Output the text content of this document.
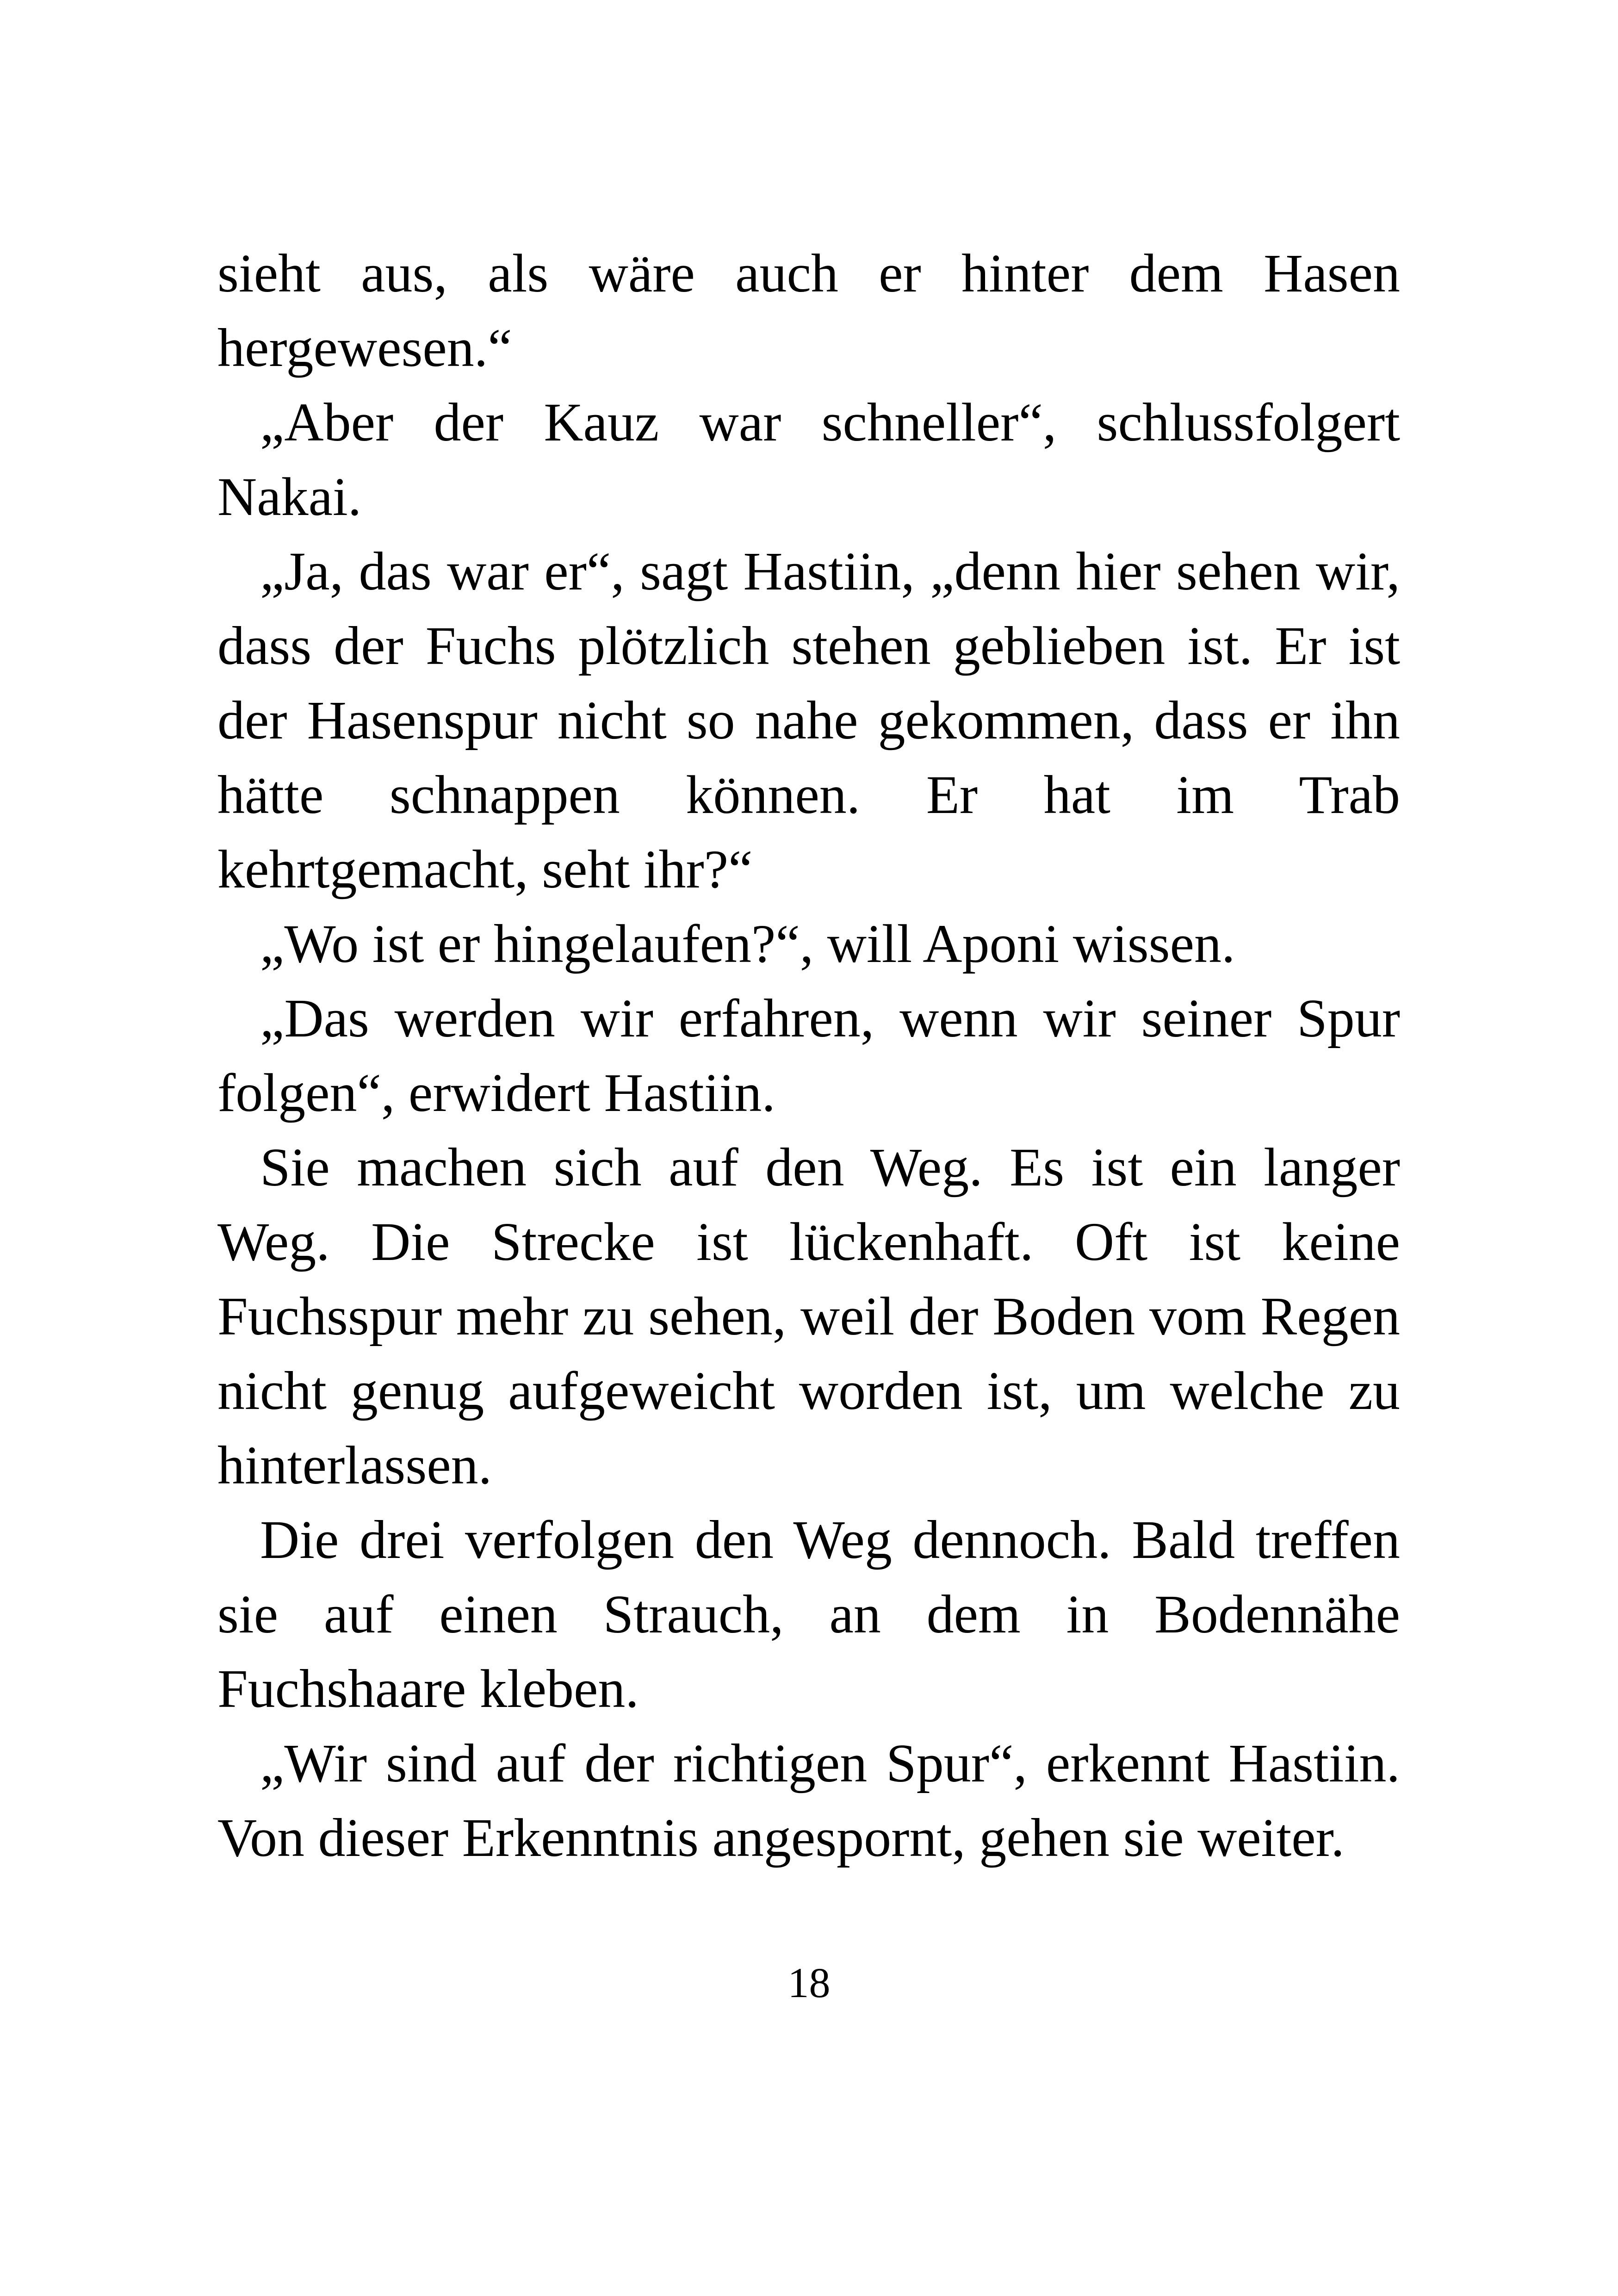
sieht aus, als wäre auch er hinter dem Hasen hergewesen.“

„Aber der Kauz war schneller“, schlussfolgert Nakai.

„Ja, das war er“, sagt Hastiin, „denn hier sehen wir, dass der Fuchs plötzlich stehen geblieben ist. Er ist der Hasenspur nicht so nahe gekommen, dass er ihn hätte schnappen können. Er hat im Trab kehrtgemacht, seht ihr?“

„Wo ist er hingelaufen?“, will Aponi wissen.

„Das werden wir erfahren, wenn wir seiner Spur folgen“, erwidert Hastiin.

Sie machen sich auf den Weg. Es ist ein langer Weg. Die Strecke ist lückenhaft. Oft ist keine Fuchsspur mehr zu sehen, weil der Boden vom Regen nicht genug aufgeweicht worden ist, um welche zu hinterlassen.

Die drei verfolgen den Weg dennoch. Bald treffen sie auf einen Strauch, an dem in Bodennähe Fuchshaare kleben.

„Wir sind auf der richtigen Spur“, erkennt Hastiin. Von dieser Erkenntnis angespornt, gehen sie weiter.

18
